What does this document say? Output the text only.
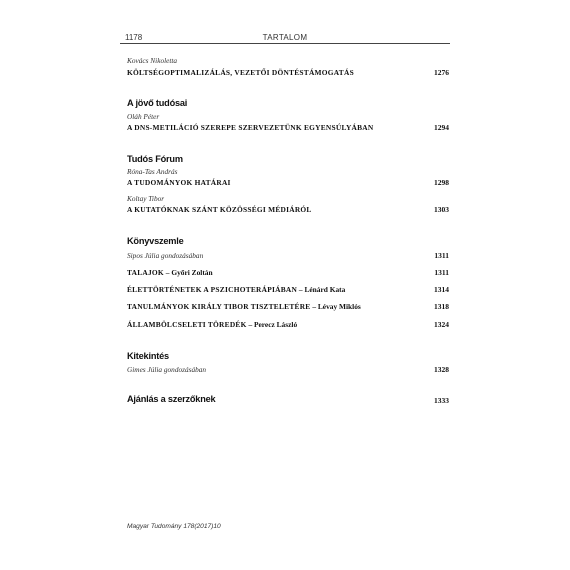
1178	TARTALOM
Kovács Nikoletta
KÖLTSÉGOPTIMALIZÁLÁS, VEZETŐI DÖNTÉSTÁMOGATÁS	1276
A jövő tudósai
Oláh Péter
A DNS-METILÁCIÓ SZEREPE SZERVEZETÜNK EGYENSÚLYÁBAN	1294
Tudós Fórum
Róna-Tas András
A TUDOMÁNYOK HATÁRAI	1298
Koltay Tibor
A KUTATÓKNAK SZÁNT KÖZÖSSÉGI MÉDIÁRÓL	1303
Könyvszemle
Sipos Júlia gondozásában	1311
TALAJOK – Győri Zoltán	1311
ÉLETTÖRTÉNETEK A PSZICHOTERÁPIÁBAN – Lénárd Kata	1314
TANULMÁNYOK KIRÁLY TIBOR TISZTELETÉRE – Lévay Miklós	1318
ÁLLAMBÖLCSELETI TÖREDÉK – Perecz László	1324
Kitekintés
Gimes Júlia gondozásában	1328
Ajánlás a szerzőknek	1333
Magyar Tudomány 178(2017)10
